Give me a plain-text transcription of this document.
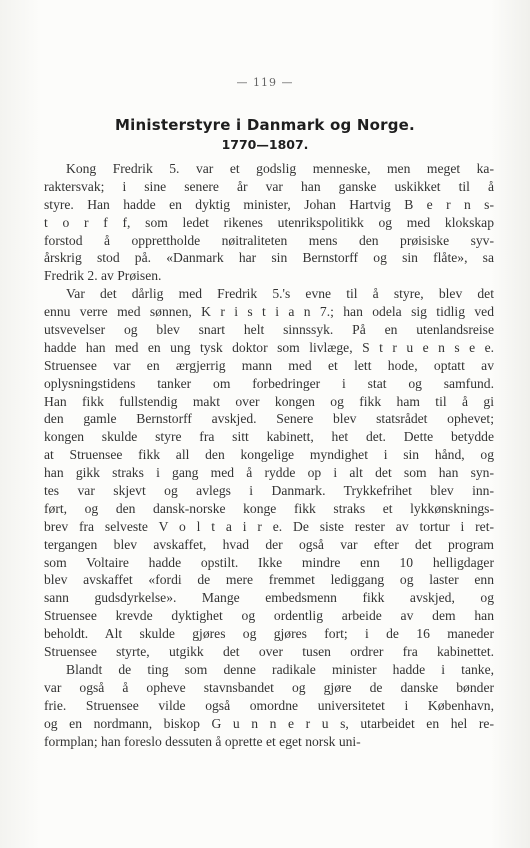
— 119 —
Ministerstyre i Danmark og Norge.
1770—1807.
Kong Fredrik 5. var et godslig menneske, men meget ka-
raktersvak; i sine senere år var han ganske uskikket til å
styre. Han hadde en dyktig minister, Johan Hartvig B e r n s-
t o r f f, som ledet rikenes utenrikspolitikk og med klokskap
forstod å opprettholde nøitraliteten mens den prøisiske syv-
årskrig stod på. «Danmark har sin Bernstorff og sin flåte», sa
Fredrik 2. av Prøisen.
Var det dårlig med Fredrik 5.'s evne til å styre, blev det
ennu verre med sønnen, K r i s t i a n 7.; han odela sig tidlig ved
utsvevelser og blev snart helt sinnssyk. På en utenlandsreise
hadde han med en ung tysk doktor som livlæge, S t r u e n s e e.
Struensee var en ærgjerrig mann med et lett hode, optatt av
oplysningstidens tanker om forbedringer i stat og samfund.
Han fikk fullstendig makt over kongen og fikk ham til å gi
den gamle Bernstorff avskjed. Senere blev statsrådet ophevet;
kongen skulde styre fra sitt kabinett, het det. Dette betydde
at Struensee fikk all den kongelige myndighet i sin hånd, og
han gikk straks i gang med å rydde op i alt det som han syn-
tes var skjevt og avlegs i Danmark. Trykkefrihet blev inn-
ført, og den dansk-norske konge fikk straks et lykkønsknings-
brev fra selveste V o l t a i r e. De siste rester av tortur i ret-
tergangen blev avskaffet, hvad der også var efter det program
som Voltaire hadde opstilt. Ikke mindre enn 10 helligdager
blev avskaffet «fordi de mere fremmet lediggang og laster enn
sann gudsdyrkelse». Mange embedsmenn fikk avskjed, og
Struensee krevde dyktighet og ordentlig arbeide av dem han
beholdt. Alt skulde gjøres og gjøres fort; i de 16 maneder
Struensee styrte, utgikk det over tusen ordrer fra kabinettet.
Blandt de ting som denne radikale minister hadde i tanke,
var også å opheve stavnsbandet og gjøre de danske bønder
frie. Struensee vilde også omordne universitetet i København,
og en nordmann, biskop G u n n e r u s, utarbeidet en hel re-
formplan; han foreslo dessuten å oprette et eget norsk uni-
